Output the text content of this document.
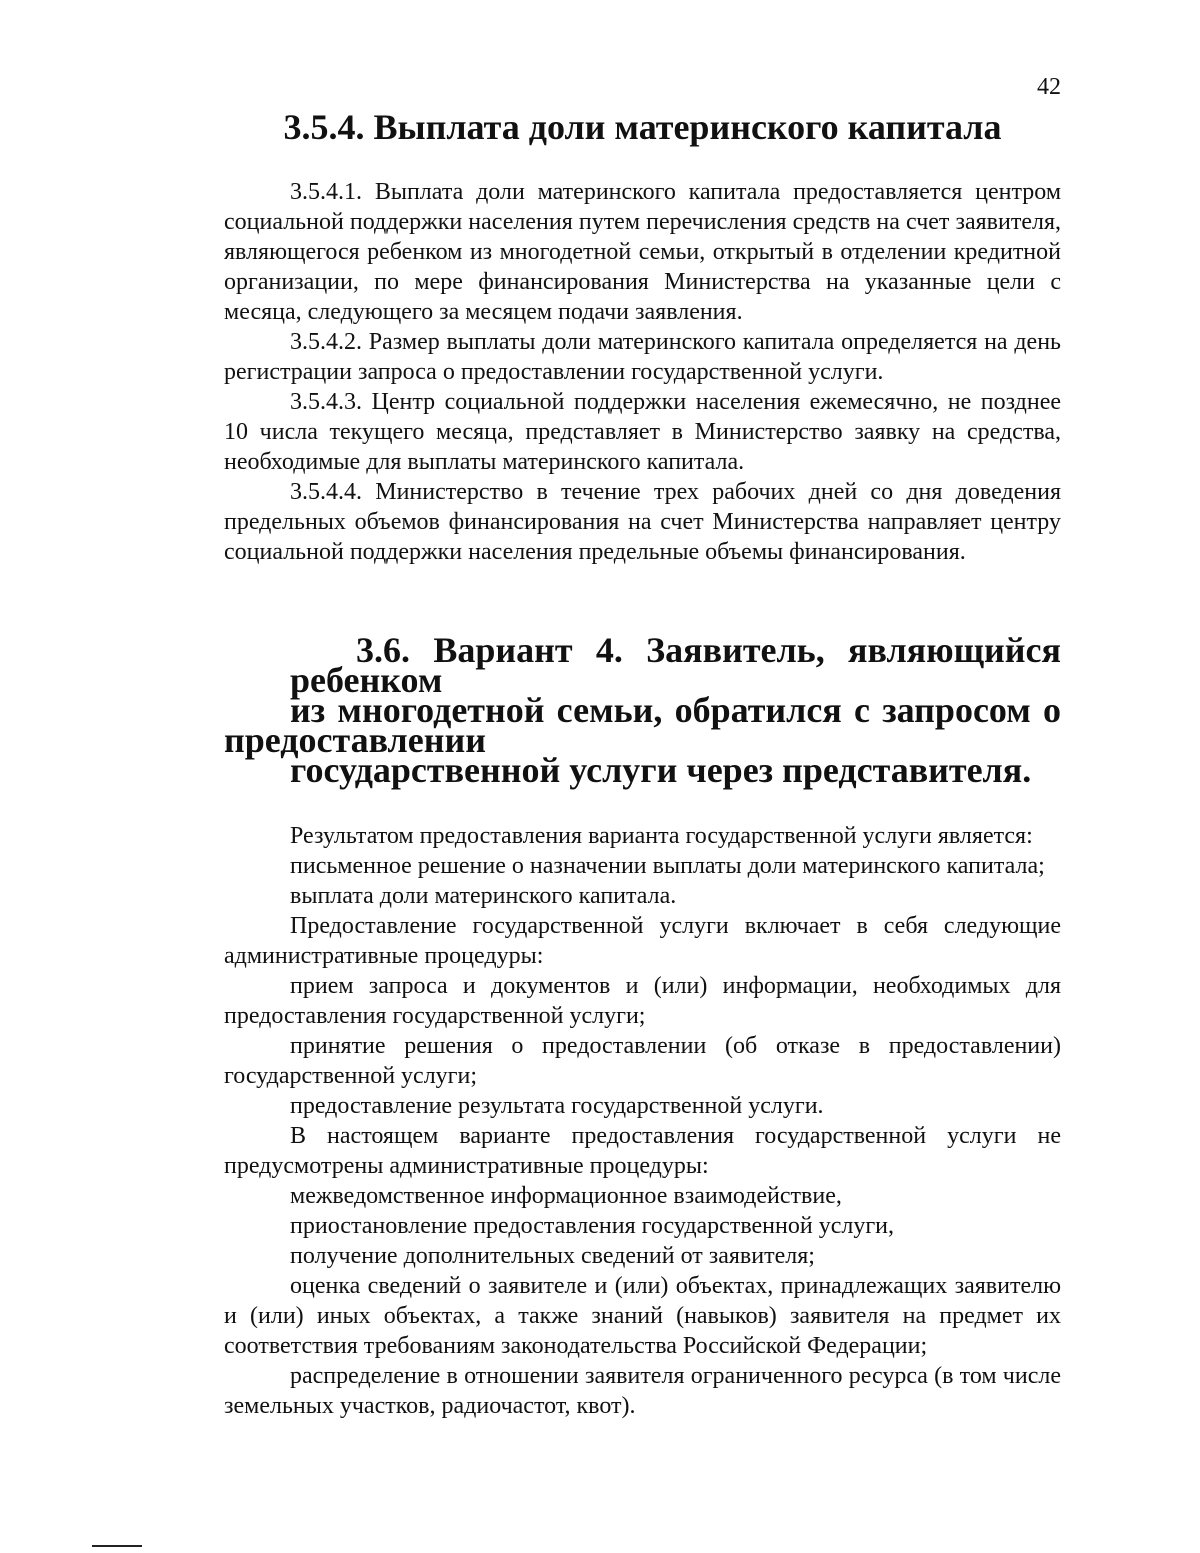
42
3.5.4. Выплата доли материнского капитала

3.5.4.1. Выплата доли материнского капитала предоставляется центром социальной поддержки населения путем перечисления средств на счет заявителя, являющегося ребенком из многодетной семьи, открытый в отделении кредитной организации, по мере финансирования Министерства на указанные цели с месяца, следующего за месяцем подачи заявления.

3.5.4.2. Размер выплаты доли материнского капитала определяется на день регистрации запроса о предоставлении государственной услуги.

3.5.4.3. Центр социальной поддержки населения ежемесячно, не позднее 10 числа текущего месяца, представляет в Министерство заявку на средства, необходимые для выплаты материнского капитала.

3.5.4.4. Министерство в течение трех рабочих дней со дня доведения предельных объемов финансирования на счет Министерства направляет центру социальной поддержки населения предельные объемы финансирования.

3.6. Вариант 4. Заявитель, являющийся ребенком
из многодетной семьи, обратился с запросом о предоставлении
государственной услуги через представителя.

Результатом предоставления варианта государственной услуги является:

письменное решение о назначении выплаты доли материнского капитала;

выплата доли материнского капитала.

Предоставление государственной услуги включает в себя следующие административные процедуры:

прием запроса и документов и (или) информации, необходимых для предоставления государственной услуги;

принятие решения о предоставлении (об отказе в предоставлении) государственной услуги;

предоставление результата государственной услуги.

В настоящем варианте предоставления государственной услуги не предусмотрены административные процедуры:

межведомственное информационное взаимодействие,

приостановление предоставления государственной услуги,

получение дополнительных сведений от заявителя;

оценка сведений о заявителе и (или) объектах, принадлежащих заявителю и (или) иных объектах, а также знаний (навыков) заявителя на предмет их соответствия требованиям законодательства Российской Федерации;

распределение в отношении заявителя ограниченного ресурса (в том числе земельных участков, радиочастот, квот).
